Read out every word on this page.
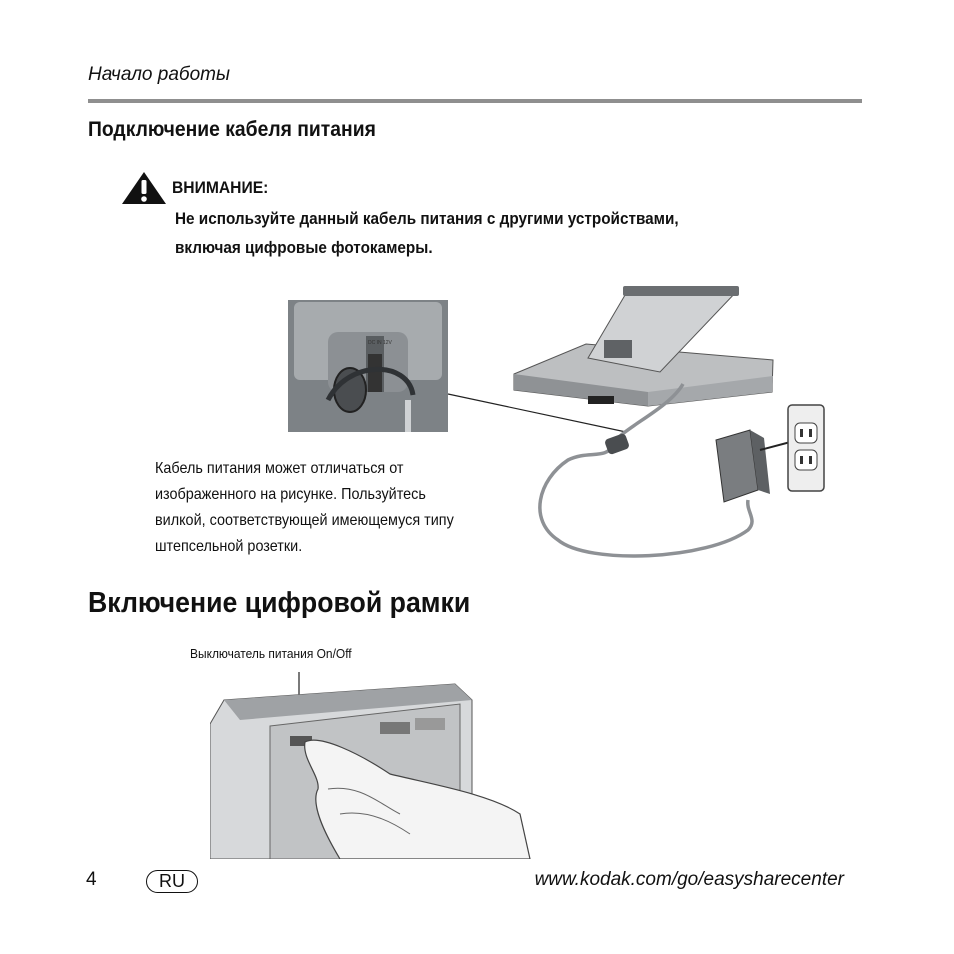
Начало работы
Подключение кабеля питания
ВНИМАНИЕ:
Не используйте данный кабель питания с другими устройствами,
включая цифровые фотокамеры.
DC IN 12V
Кабель питания может отличаться от изображенного на рисунке. Пользуйтесь вилкой, соответствующей имеющемуся типу штепсельной розетки.
Включение цифровой рамки
Выключатель питания On/Off
4	RU	www.kodak.com/go/easysharecenter
